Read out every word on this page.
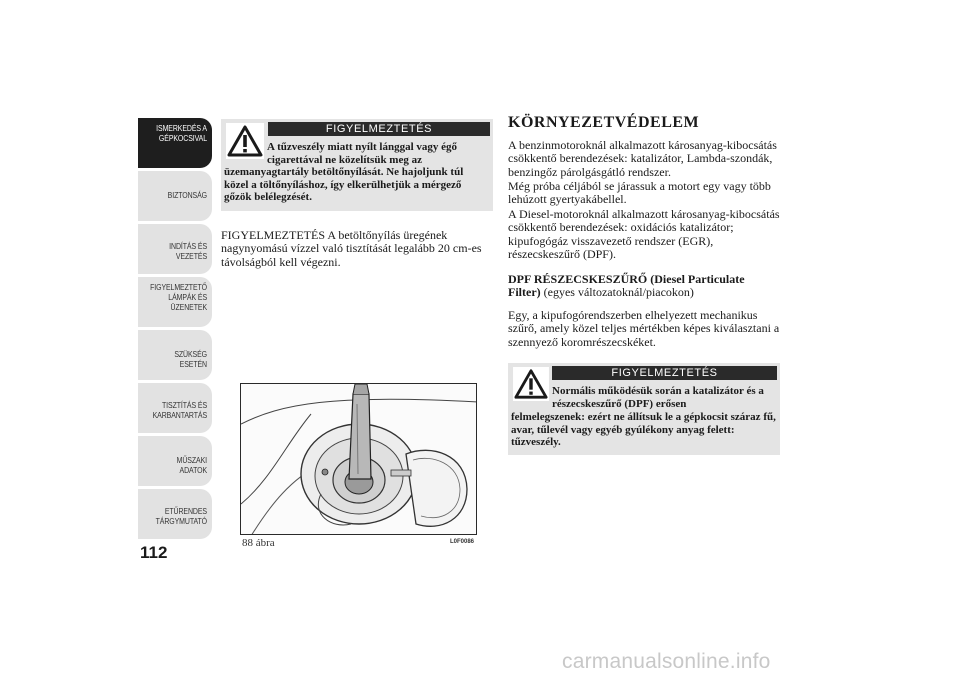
ISMERKEDÉS A
GÉPKOCSIVAL
BIZTONSÁG
INDÍTÁS ÉS
VEZETÉS
FIGYELMEZTETŐ
LÁMPÁK ÉS
ÜZENETEK
SZÜKSÉG ESETÉN
TISZTÍTÁS ÉS
KARBANTARTÁS
MŰSZAKI ADATOK
ETŰRENDES
TÁRGYMUTATÓ
112
FIGYELMEZTETÉS
A tűzveszély miatt nyílt lánggal vagy égő cigarettával ne közelítsük meg az
üzemanyagtartály betöltőnyílását. Ne hajoljunk túl közel a töltőnyíláshoz, így elkerülhetjük a mérgező gőzök belélegzését.
FIGYELMEZTETÉS A betöltőnyílás üregének nagynyomású vízzel való tisztítását legalább 20 cm-es távolságból kell végezni.
88 ábra	L0F0086
KÖRNYEZETVÉDELEM
A benzinmotoroknál alkalmazott károsanyag-kibocsátás csökkentő berendezések: katalizátor, Lambda-szondák, benzingőz párolgásgátló rendszer.
Még próba céljából se járassuk a motort egy vagy több lehúzott gyertyakábellel.
A Diesel-motoroknál alkalmazott károsanyag-kibocsátás csökkentő berendezések: oxidációs katalizátor; kipufogógáz visszavezető rendszer (EGR), részecskeszűrő (DPF).
DPF RÉSZECSKESZŰRŐ (Diesel Particulate Filter) (egyes változatoknál/piacokon)
Egy, a kipufogórendszerben elhelyezett mechanikus szűrő, amely közel teljes mértékben képes kiválasztani a szennyező koromrészecskéket.
FIGYELMEZTETÉS
Normális működésük során a katalizátor és a részecskeszűrő (DPF) erősen
felmelegszenek: ezért ne állítsuk le a gépkocsit száraz fű, avar, tűlevél vagy egyéb gyúlékony anyag felett: tűzveszély.
carmanualsonline.info
